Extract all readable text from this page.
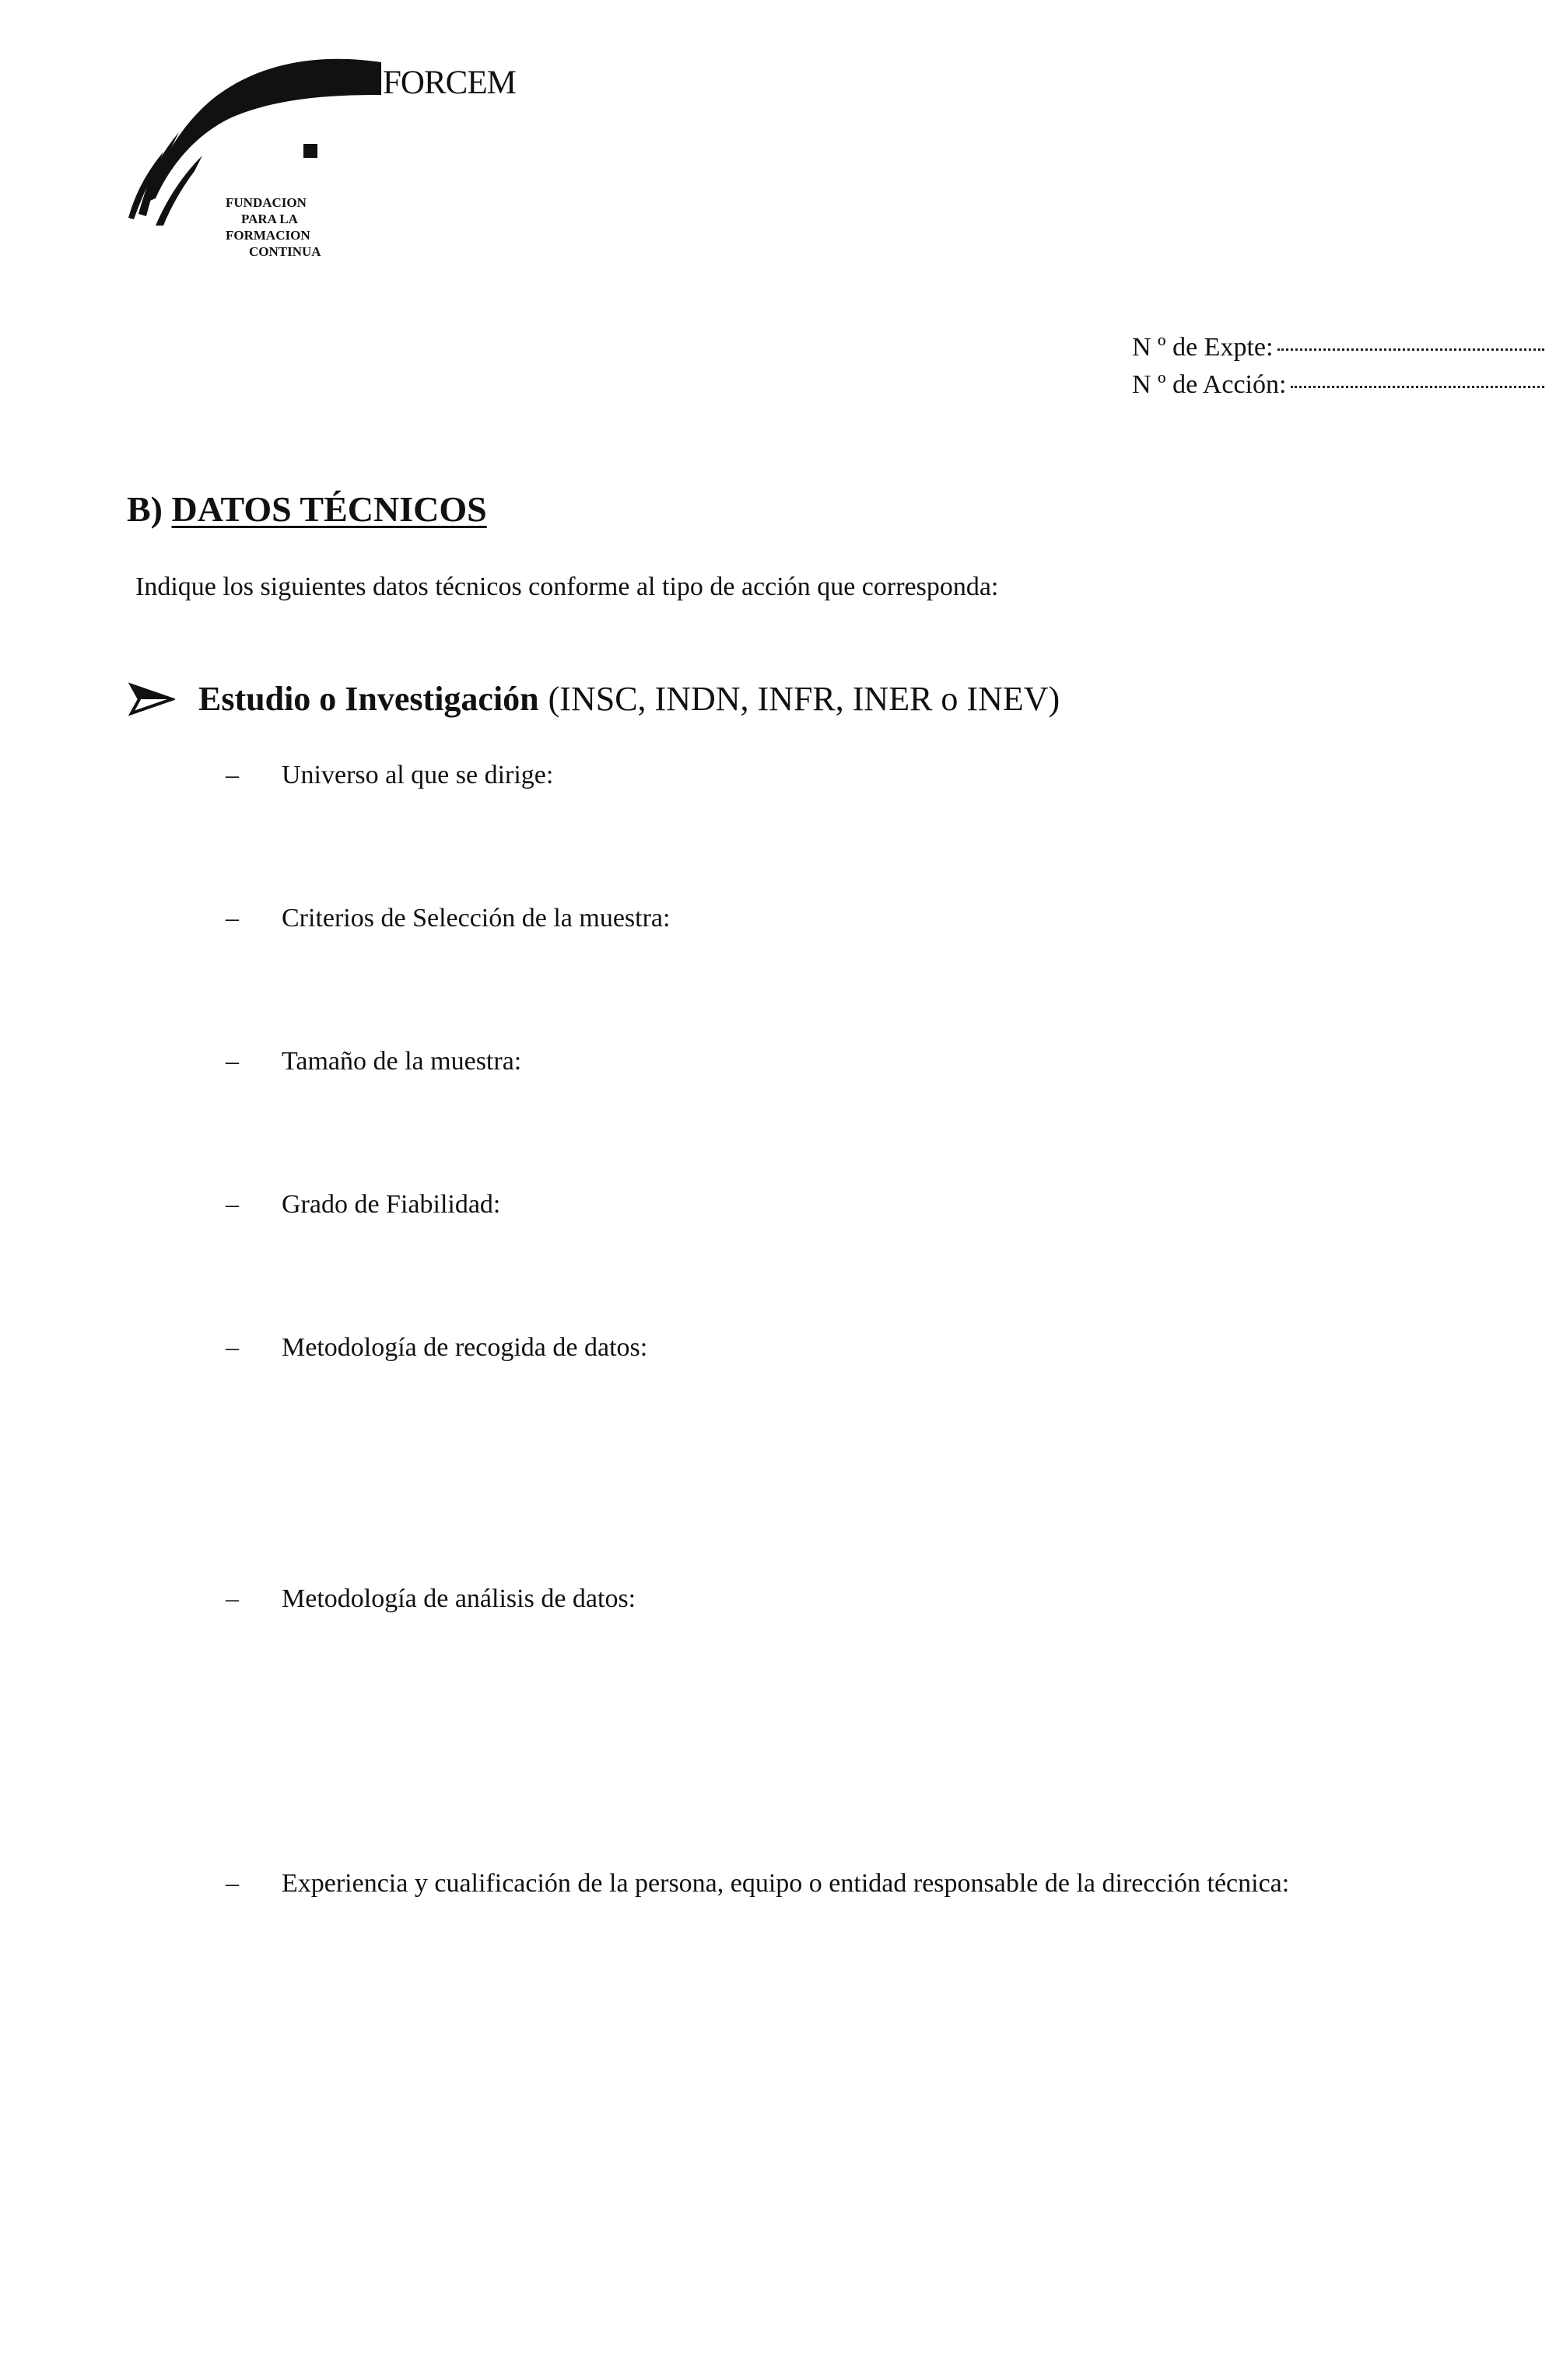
FORCEM
FUNDACION
PARA LA
FORMACION
CONTINUA
N º de Expte:
N º de Acción:
B) DATOS TÉCNICOS
Indique los siguientes datos técnicos conforme al tipo de acción que corresponda:
Estudio o Investigación (INSC, INDN, INFR, INER o INEV)
–	Universo al que se dirige:
–	Criterios de Selección de la muestra:
–	Tamaño de la muestra:
–	Grado de Fiabilidad:
–	Metodología de recogida de datos:
–	Metodología de análisis de datos:
–	Experiencia y cualificación de la persona, equipo o entidad responsable de la dirección técnica:
